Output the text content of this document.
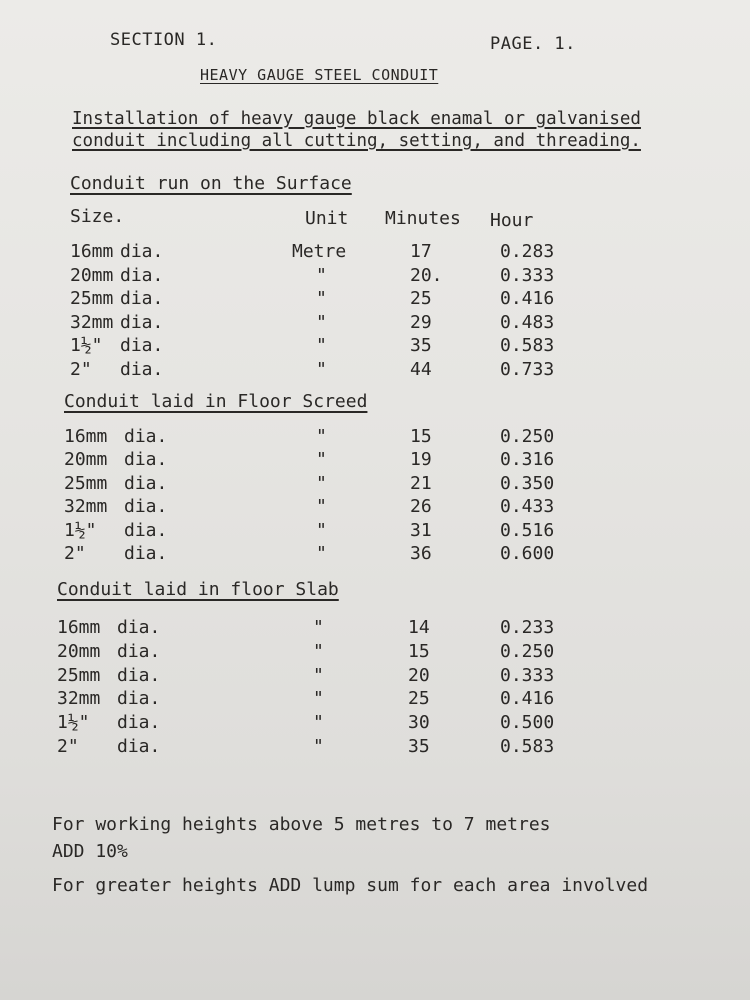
SECTION 1.	PAGE. 1.
HEAVY GAUGE STEEL CONDUIT
Installation of heavy gauge black enamal or galvanised
conduit including all cutting, setting, and threading.
Conduit run on the Surface
Size.	Unit Minutes Hour
16mm dia.	Metre	17	0.283
20mm dia.	"	20.	0.333
25mm dia.	"	25	0.416
32mm dia.	"	29	0.483
1½" dia.	"	35	0.583
2" dia.	"	44	0.733
16mm dia.	"	15	0.250
20mm dia.	"	19	0.316
25mm dia.	"	21	0.350
32mm dia.	"	26	0.433
1½" dia.	"	31	0.516
2" dia.	"	36	0.600
16mm dia.	"	14	0.233
20mm dia.	"	15	0.250
25mm dia.	"	20	0.333
32mm dia.	"	25	0.416
1½" dia.	"	30	0.500
2" dia.	"	35	0.583
Conduit laid in Floor Screed
Conduit laid in floor Slab
For working heights above 5 metres to 7 metres
ADD 10%
For greater heights ADD lump sum for each area involved
